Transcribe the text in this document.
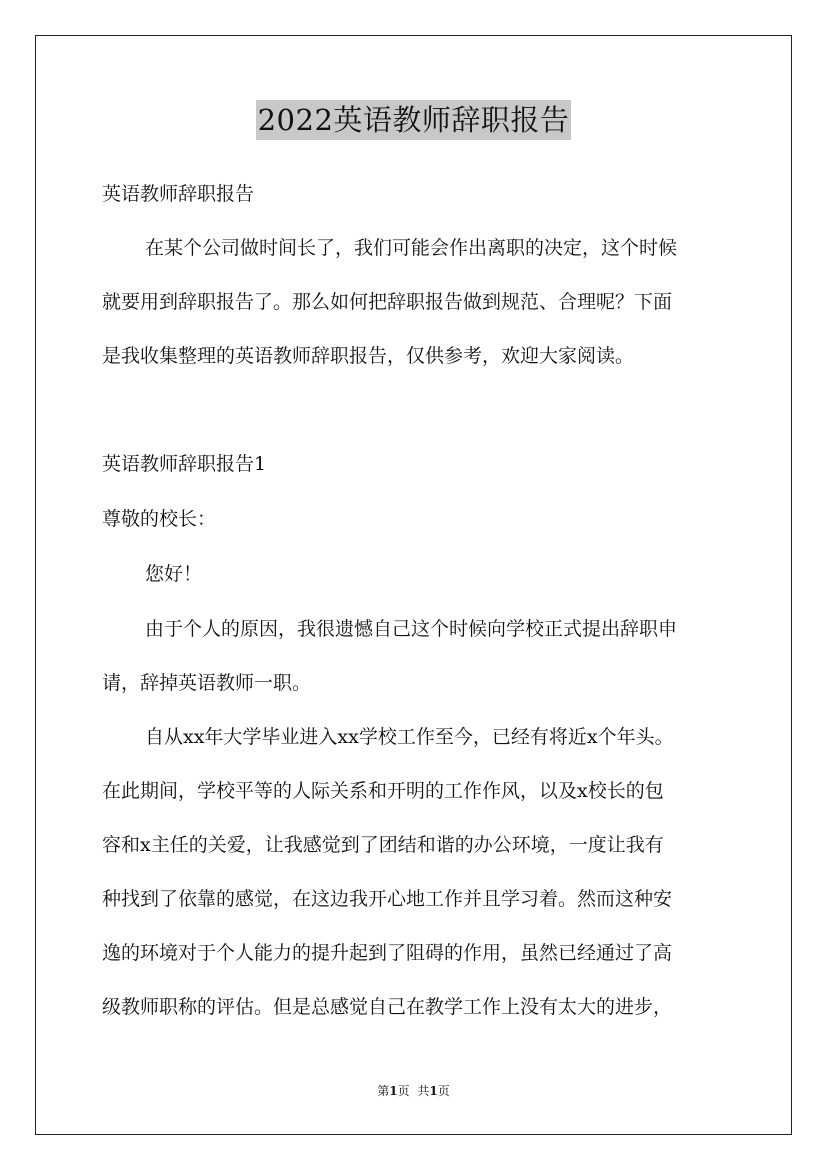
2022英语教师辞职报告
英语教师辞职报告
在某个公司做时间长了，我们可能会作出离职的决定，这个时候
就要用到辞职报告了。那么如何把辞职报告做到规范、合理呢？下面
是我收集整理的英语教师辞职报告，仅供参考，欢迎大家阅读。
英语教师辞职报告1
尊敬的校长：
您好！
由于个人的原因，我很遗憾自己这个时候向学校正式提出辞职申
请，辞掉英语教师一职。
自从xx年大学毕业进入xx学校工作至今，已经有将近x个年头。
在此期间，学校平等的人际关系和开明的工作作风，以及x校长的包
容和x主任的关爱，让我感觉到了团结和谐的办公环境，一度让我有
种找到了依靠的感觉，在这边我开心地工作并且学习着。然而这种安
逸的环境对于个人能力的提升起到了阻碍的作用，虽然已经通过了高
级教师职称的评估。但是总感觉自己在教学工作上没有太大的进步，
第1页 共1页
